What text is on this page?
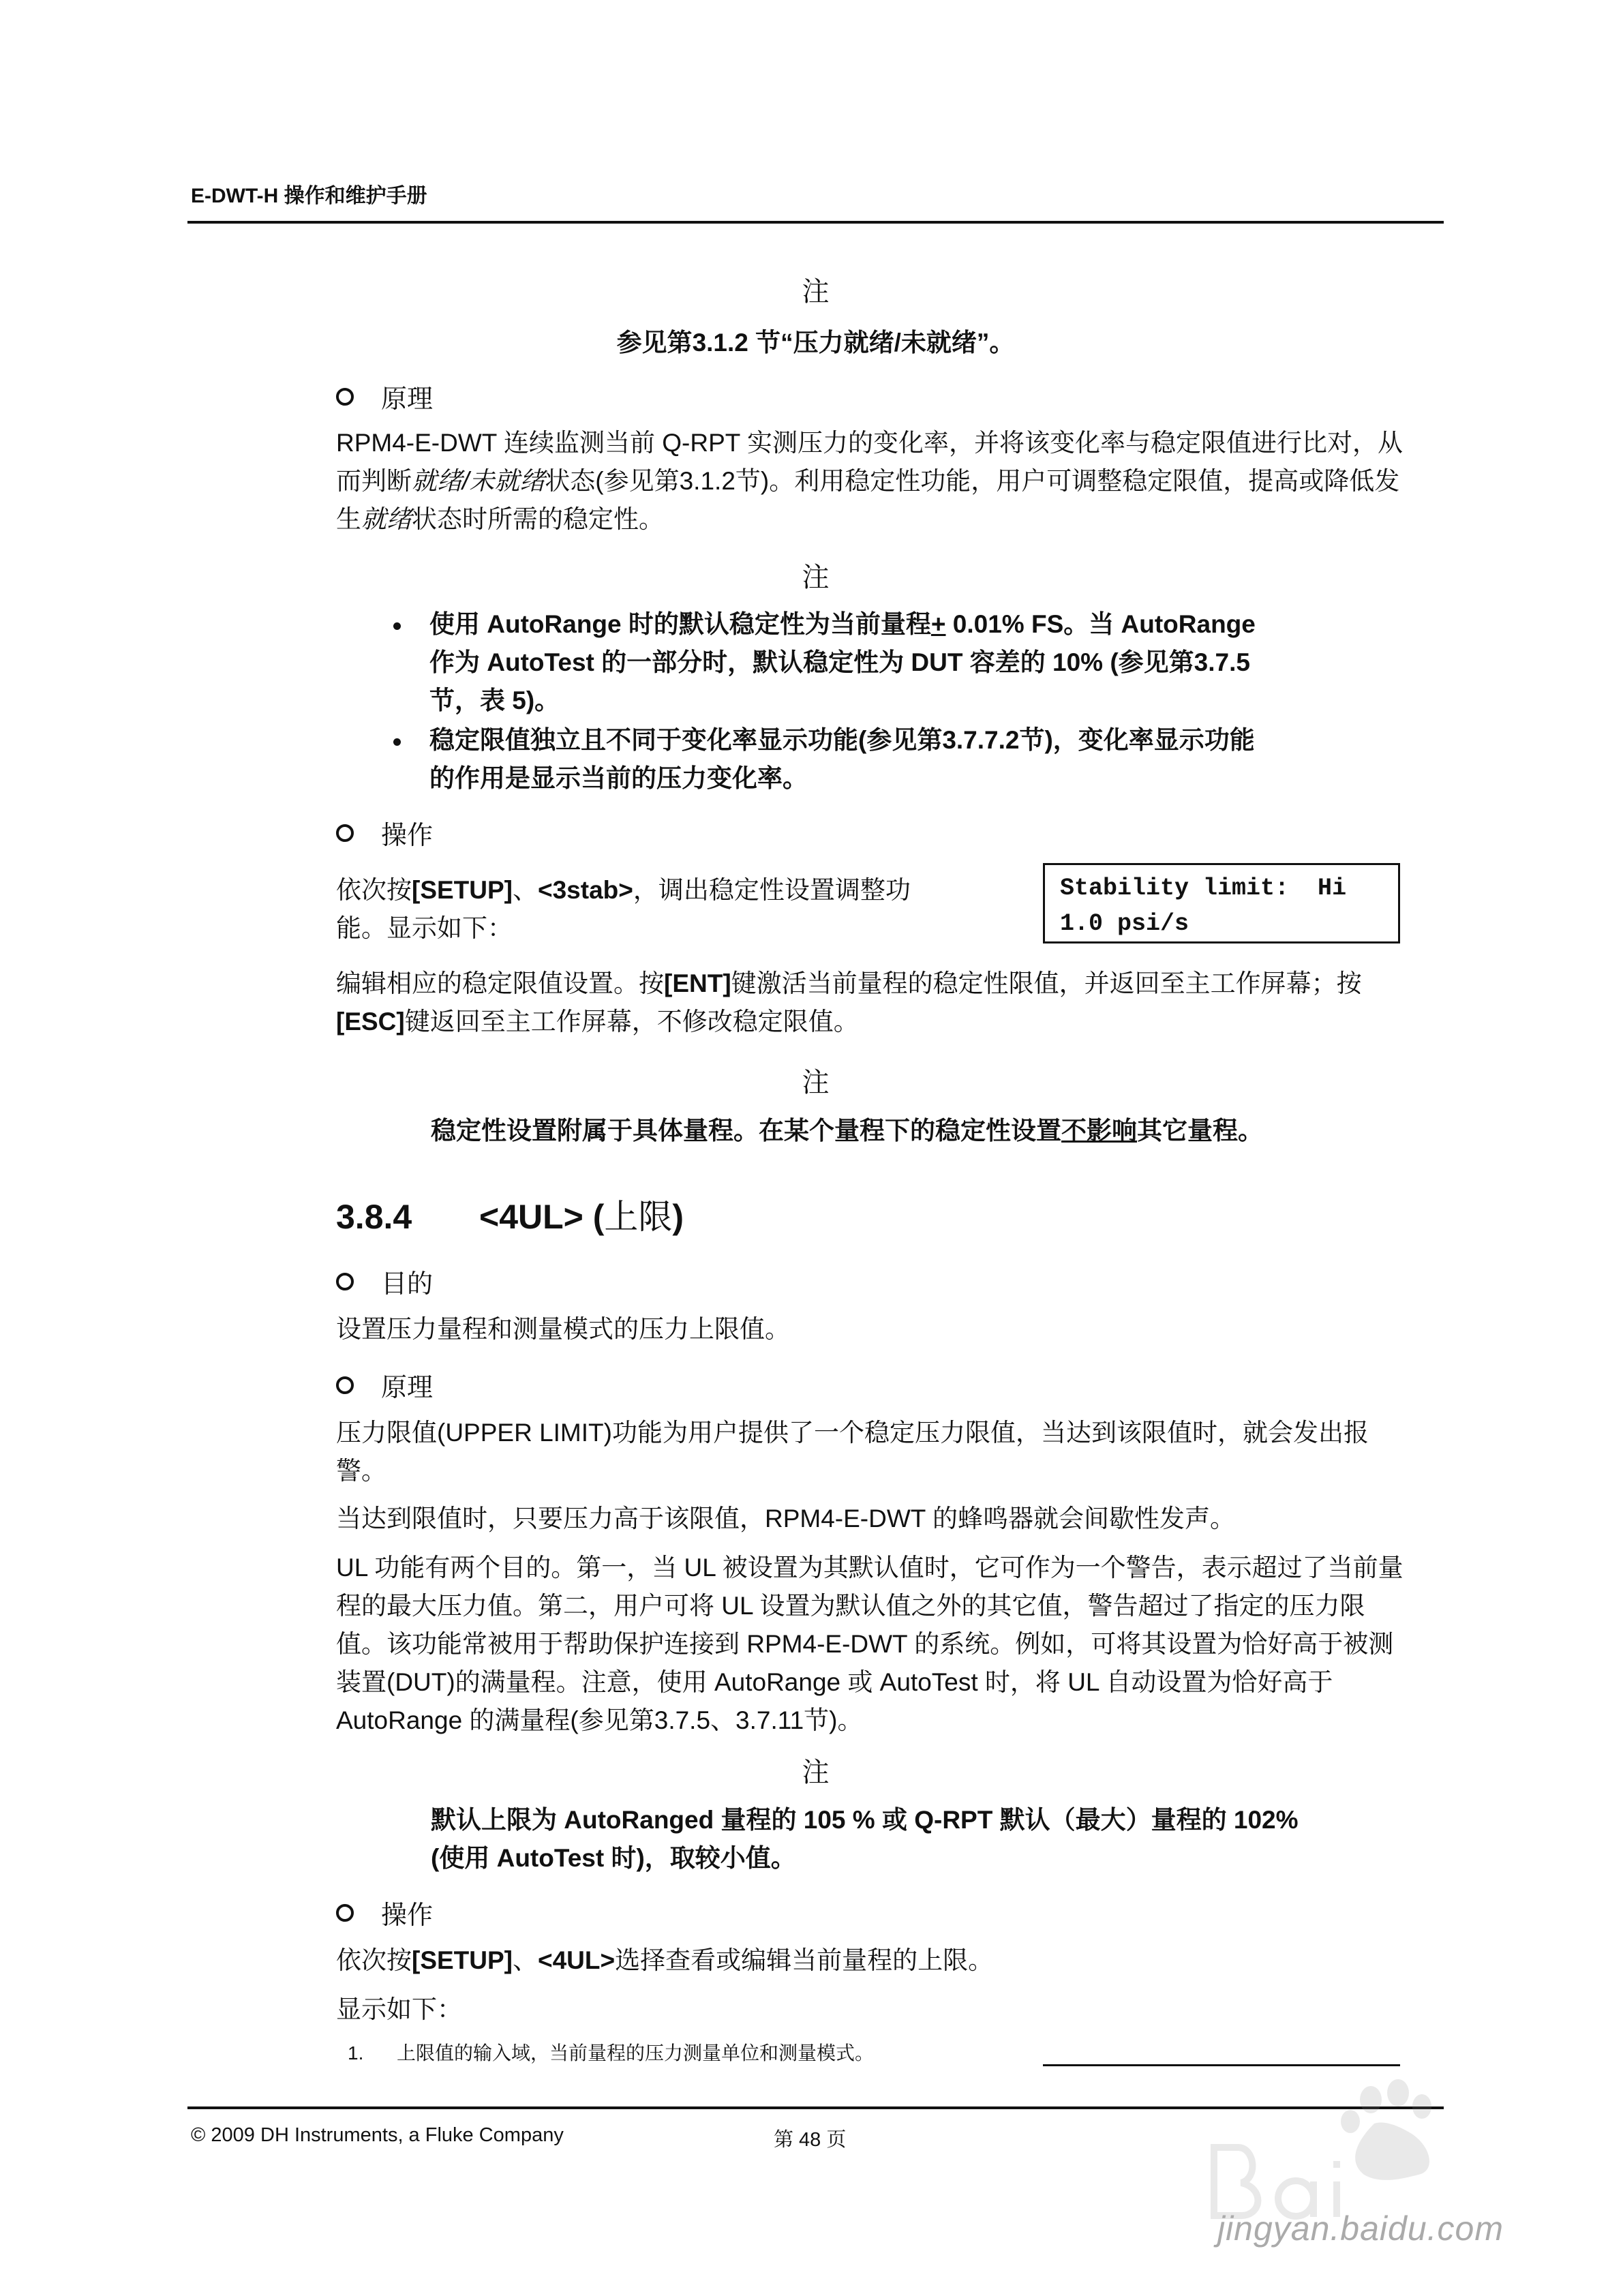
E-DWT-H 操作和维护手册
注
参见第3.1.2 节“压力就绪/未就绪”。
原理
RPM4-E-DWT 连续监测当前 Q-RPT 实测压力的变化率，并将该变化率与稳定限值进行比对，从
而判断就绪/未就绪状态(参见第3.1.2节)。利用稳定性功能，用户可调整稳定限值，提高或降低发
生就绪状态时所需的稳定性。
注
使用 AutoRange 时的默认稳定性为当前量程+ 0.01% FS。当 AutoRange
作为 AutoTest 的一部分时，默认稳定性为 DUT 容差的 10% (参见第3.7.5
节，表 5)。
稳定限值独立且不同于变化率显示功能(参见第3.7.7.2节)，变化率显示功能
的作用是显示当前的压力变化率。
操作
依次按[SETUP]、<3stab>，调出稳定性设置调整功
能。显示如下：
Stability limit:  Hi
1.0 psi/s
编辑相应的稳定限值设置。按[ENT]键激活当前量程的稳定性限值，并返回至主工作屏幕；按
[ESC]键返回至主工作屏幕，不修改稳定限值。
注
稳定性设置附属于具体量程。在某个量程下的稳定性设置不影响其它量程。
3.8.4 <4UL> (上限)
目的
设置压力量程和测量模式的压力上限值。
原理
压力限值(UPPER LIMIT)功能为用户提供了一个稳定压力限值，当达到该限值时，就会发出报
警。
当达到限值时，只要压力高于该限值，RPM4-E-DWT 的蜂鸣器就会间歇性发声。
UL 功能有两个目的。第一，当 UL 被设置为其默认值时，它可作为一个警告，表示超过了当前量
程的最大压力值。第二，用户可将 UL 设置为默认值之外的其它值，警告超过了指定的压力限
值。该功能常被用于帮助保护连接到 RPM4-E-DWT 的系统。例如，可将其设置为恰好高于被测
装置(DUT)的满量程。注意，使用 AutoRange 或 AutoTest 时，将 UL 自动设置为恰好高于
AutoRange 的满量程(参见第3.7.5、3.7.11节)。
注
默认上限为 AutoRanged 量程的 105 % 或 Q-RPT 默认（最大）量程的 102%
(使用 AutoTest 时)，取较小值。
操作
依次按[SETUP]、<4UL>选择查看或编辑当前量程的上限。
显示如下：
1. 上限值的输入域，当前量程的压力测量单位和测量模式。
© 2009 DH Instruments, a Fluke Company	第 48 页
jingyan.baidu.com
